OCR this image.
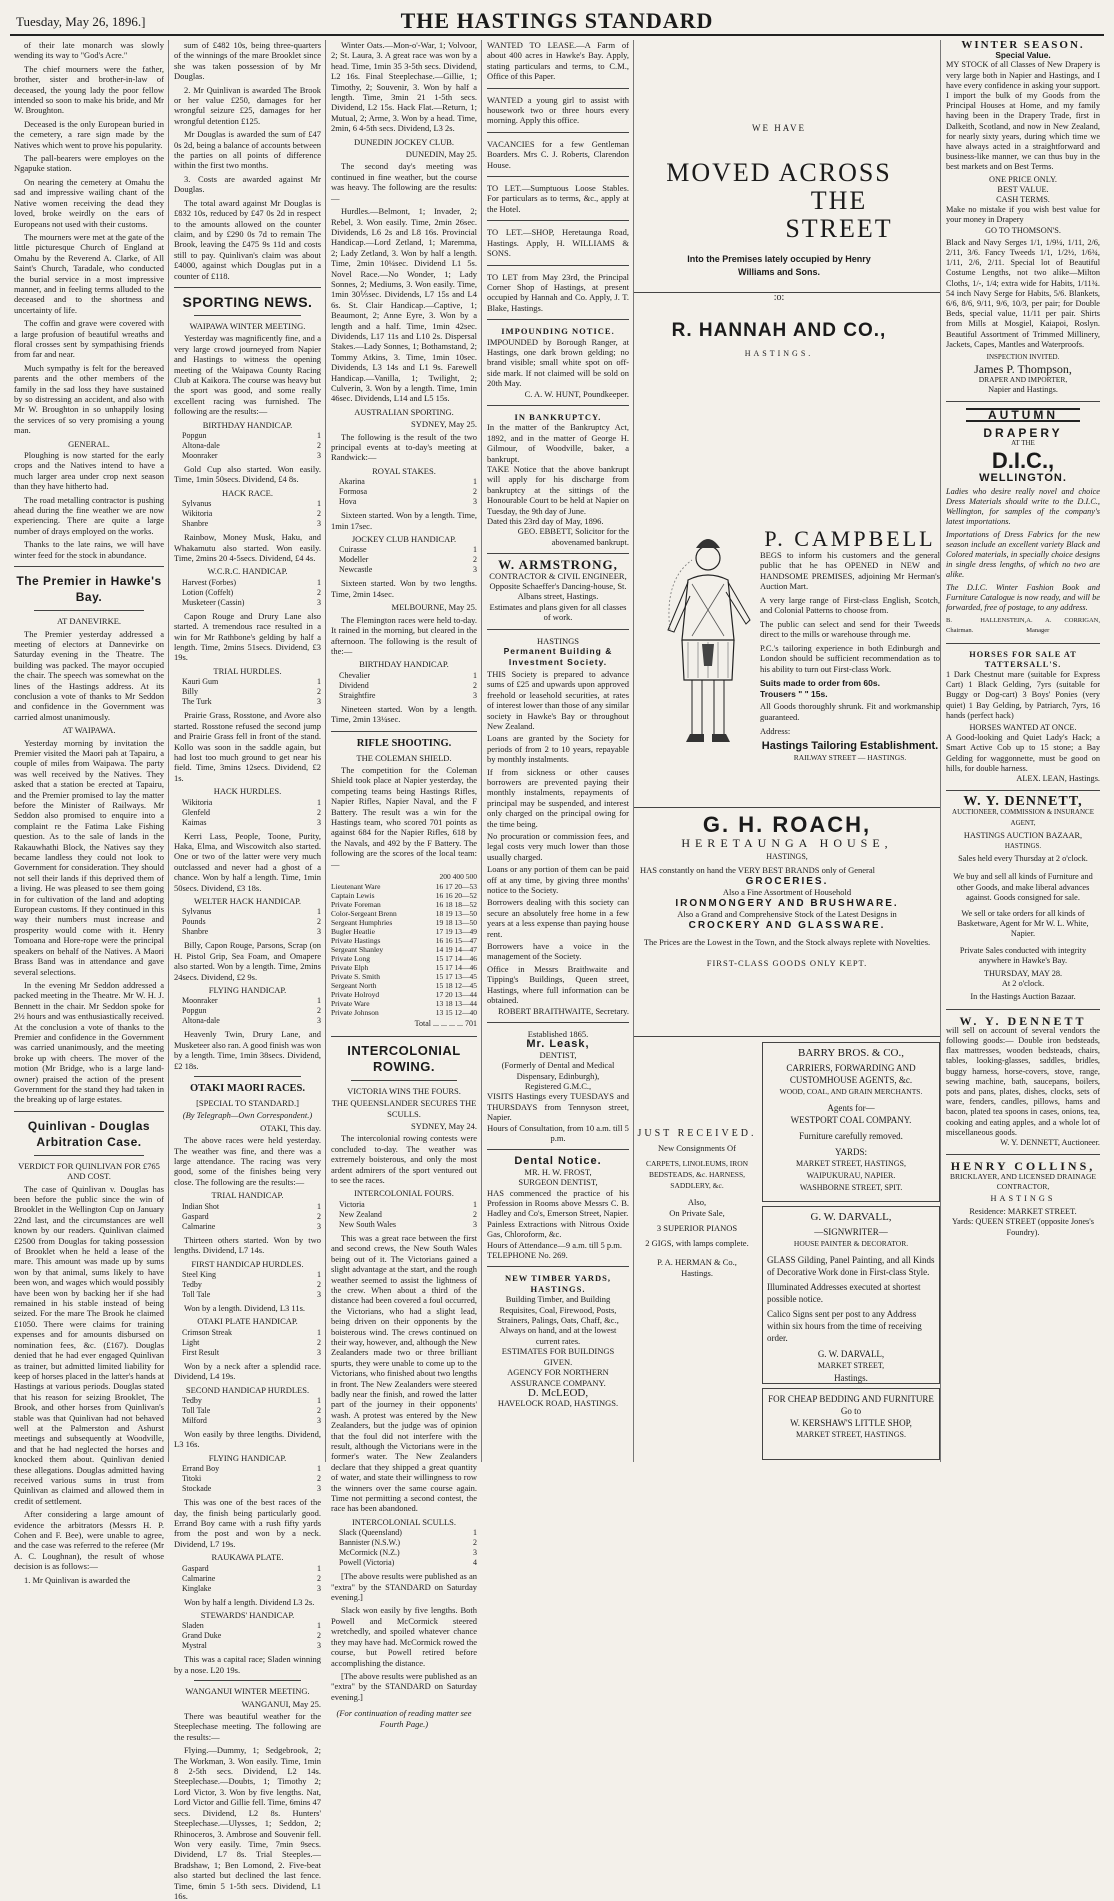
Tuesday, May 26, 1896.]	THE HASTINGS STANDARD

of their late monarch was slowly wending its way to "God's Acre."

The chief mourners were the father, brother, sister and brother-in-law of deceased, the young lady the poor fellow intended so soon to make his bride, and Mr W. Broughton.

Deceased is the only European buried in the cemetery, a rare sign made by the Natives which went to prove his popularity.

The pall-bearers were employes on the Ngapuke station.

On nearing the cemetery at Omahu the sad and impressive wailing chant of the Native women receiving the dead they loved, broke weirdly on the ears of Europeans not used with their customs.

The mourners were met at the gate of the little picturesque Church of England at Omahu by the Reverend A. Clarke, of All Saint's Church, Taradale, who conducted the burial service in a most impressive manner, and in feeling terms alluded to the deceased and to the shortness and uncertainty of life.

The coffin and grave were covered with a large profusion of beautiful wreaths and floral crosses sent by sympathising friends from far and near.

Much sympathy is felt for the bereaved parents and the other members of the family in the sad loss they have sustained by so distressing an accident, and also with Mr W. Broughton in so unhappily losing the services of so very promising a young man.

GENERAL.

Ploughing is now started for the early crops and the Natives intend to have a much larger area under crop next season than they have hitherto had.

The road metalling contractor is pushing ahead during the fine weather we are now experiencing. There are quite a large number of drays employed on the works.

Thanks to the late rains, we will have winter feed for the stock in abundance.

The Premier in Hawke's Bay.
AT DANEVIRKE.

The Premier yesterday addressed a meeting of electors at Dannevirke on Saturday evening in the Theatre. The building was packed. The mayor occupied the chair. The speech was somewhat on the lines of the Hastings address. At its conclusion a vote of thanks to Mr Seddon and confidence in the Government was carried almost unanimously.

AT WAIPAWA.

Yesterday morning by invitation the Premier visited the Maori pah at Tapairu, a couple of miles from Waipawa. The party was well received by the Natives. They asked that a station be erected at Tapairu, and the Premier promised to lay the matter before the Minister of Railways. Mr Seddon also promised to enquire into a complaint re the Fatima Lake Fishing question. As to the sale of lands in the Rakauwhathi Block, the Natives say they became landless they could not look to Government for consideration. They should not sell their lands if this deprived them of a living. He was pleased to see them going in for cultivation of the land and adopting European customs. If they continued in this way their numbers must increase and prosperity would come with it. Henry Tomoana and Hore-rope were the principal speakers on behalf of the Natives. A Maori Brass Band was in attendance and gave several selections.

In the evening Mr Seddon addressed a packed meeting in the Theatre. Mr W. H. J. Bennett in the chair. Mr Seddon spoke for 2½ hours and was enthusiastically received. At the conclusion a vote of thanks to the Premier and confidence in the Government was carried unanimously, and the meeting broke up with cheers. The mover of the motion (Mr Bridge, who is a large land-owner) praised the action of the present Government for the stand they had taken in the breaking up of large estates.

Quinlivan - Douglas Arbitration Case.
VERDICT FOR QUINLIVAN FOR £765 AND COST.

The case of Quinlivan v. Douglas has been before the public since the win of Brooklet in the Wellington Cup on January 22nd last, and the circumstances are well known by our readers. Quinlivan claimed £2500 from Douglas for taking possession of Brooklet when he held a lease of the mare. This amount was made up by sums won by that animal, sums likely to have been won, and wages which would possibly have been won by backing her if she had remained in his stable instead of being seized. For the mare The Brook he claimed £1050. There were claims for training expenses and for amounts disbursed on nomination fees, &c. (£167). Douglas denied that he had ever engaged Quinlivan as trainer, but admitted limited liability for keep of horses placed in the latter's hands at Hastings at various periods. Douglas stated that his reason for seizing Brooklet, The Brook, and other horses from Quinlivan's stable was that Quinlivan had not behaved well at the Palmerston and Ashurst meetings and subsequently at Woodville, and that he had neglected the horses and knocked them about. Quinlivan denied these allegations. Douglas admitted having received various sums in trust from Quinlivan as claimed and allowed them in credit of settlement.

After considering a large amount of evidence the arbitrators (Messrs H. P. Cohen and F. Bee), were unable to agree, and the case was referred to the referee (Mr A. C. Loughnan), the result of whose decision is as follows:—

1. Mr Quinlivan is awarded the

sum of £482 10s, being three-quarters of the winnings of the mare Brooklet since she was taken possession of by Mr Douglas.

2. Mr Quinlivan is awarded The Brook or her value £250, damages for her wrongful seizure £25, damages for her wrongful detention £125.

Mr Douglas is awarded the sum of £47 0s 2d, being a balance of accounts between the parties on all points of difference within the first two months.

3. Costs are awarded against Mr Douglas.

The total award against Mr Douglas is £832 10s, reduced by £47 0s 2d in respect to the amounts allowed on the counter claim, and by £290 0s 7d to remain The Brook, leaving the £475 9s 11d and costs still to pay. Quinlivan's claim was about £4000, against which Douglas put in a counter of £118.

SPORTING NEWS.
WAIPAWA WINTER MEETING.

Yesterday was magnificently fine, and a very large crowd journeyed from Napier and Hastings to witness the opening meeting of the Waipawa County Racing Club at Kaikora. The course was heavy but the sport was good, and some really excellent racing was furnished. The following are the results:—

BIRTHDAY HANDICAP.
Popgun	1
Altona-dale	2
Moonraker	3

Gold Cup also started. Won easily. Time, 1min 50secs. Dividend, £4 8s.

HACK RACE.
Sylvanus	1
Wikitoria	2
Shanbre	3

Rainbow, Money Musk, Haku, and Whakamutu also started. Won easily. Time, 2mins 20 4-5secs. Dividend, £4 4s.

W.C.R.C. HANDICAP.
Harvest (Forbes)	1
Lotion (Coffelt)	2
Musketeer (Cassin)	3

Capon Rouge and Drury Lane also started. A tremendous race resulted in a win for Mr Rathbone's gelding by half a length. Time, 2mins 51secs. Dividend, £3 19s.

TRIAL HURDLES.
Kauri Gum	1
Billy	2
The Turk	3

Prairie Grass, Rosstone, and Avore also started. Rosstone refused the second jump and Prairie Grass fell in front of the stand. Kollo was soon in the saddle again, but had lost too much ground to get near his field. Time, 3mins 12secs. Dividend, £2 1s.

HACK HURDLES.
Wikitoria	1
Glenfeld	2
Kaimas	3

Kerri Lass, People, Toone, Purity, Haka, Elma, and Wiscowitch also started. One or two of the latter were very much outclassed and never had a ghost of a chance. Won by half a length. Time, 1min 50secs. Dividend, £3 18s.

WELTER HACK HANDICAP.
Sylvanus	1
Pounds	2
Shanbre	3

Billy, Capon Rouge, Parsons, Scrap (on H. Pistol Grip, Sea Foam, and Omapere also started. Won by a length. Time, 2mins 24secs. Dividend, £2 9s.

FLYING HANDICAP.
Moonraker	1
Popgun	2
Altona-dale	3

Heavenly Twin, Drury Lane, and Musketeer also ran. A good finish was won by a length. Time, 1min 38secs. Dividend, £2 18s.

OTAKI MAORI RACES.
[SPECIAL TO STANDARD.]
(By Telegraph—Own Correspondent.)
OTAKI, This day.

The above races were held yesterday. The weather was fine, and there was a large attendance. The racing was very good, some of the finishes being very close. The following are the results:—

TRIAL HANDICAP.
Indian Shot	1
Gaspard	2
Calmarine	3

Thirteen others started. Won by two lengths. Dividend, L7 14s.

FIRST HANDICAP HURDLES.
Steel King	1
Tedby	2
Toll Tale	3

Won by a length. Dividend, L3 11s.

OTAKI PLATE HANDICAP.
Crimson Streak	1
Light	2
First Result	3

Won by a neck after a splendid race. Dividend, L4 19s.

SECOND HANDICAP HURDLES.
Tedby	1
Toll Tale	2
Milford	3

Won easily by three lengths. Dividend, L3 16s.

FLYING HANDICAP.
Errand Boy	1
Titoki	2
Stockade	3

This was one of the best races of the day, the finish being particularly good. Errand Boy came with a rush fifty yards from the post and won by a neck. Dividend, L7 19s.

RAUKAWA PLATE.
Gaspard	1
Calmarine	2
Kinglake	3

Won by half a length. Dividend L3 2s.

STEWARDS' HANDICAP.
Sladen	1
Grand Duke	2
Mystral	3

This was a capital race; Sladen winning by a nose. L20 19s.

WANGANUI WINTER MEETING.
WANGANUI, May 25.

There was beautiful weather for the Steeplechase meeting. The following are the results:—

Flying.—Dummy, 1; Sedgebrook, 2; The Workman, 3. Won easily. Time, 1min 8 2-5th secs. Dividend, L2 14s. Steeplechase.—Doubts, 1; Timothy 2; Lord Victor, 3. Won by five lengths. Nat, Lord Victor and Gillie fell. Time, 6mins 47 secs. Dividend, L2 8s. Hunters' Steeplechase.—Ulysses, 1; Seddon, 2; Rhinoceros, 3. Ambrose and Souvenir fell. Won very easily. Time, 7min 9secs. Dividend, L7 8s. Trial Steeples.—Bradshaw, 1; Ben Lomond, 2. Five-beat also started but declined the last fence. Time, 6min 5 1-5th secs. Dividend, L1 16s.

Winter Oats.—Mon-o'-War, 1; Volvoor, 2; St. Laura, 3. A great race was won by a head. Time, 1min 35 3-5th secs. Dividend, L2 16s. Final Steeplechase.—Gillie, 1; Timothy, 2; Souvenir, 3. Won by half a length. Time, 3min 21 1-5th secs. Dividend, L2 15s. Hack Flat.—Return, 1; Mutual, 2; Arme, 3. Won by a head. Time, 2min, 6 4-5th secs. Dividend, L3 2s.

DUNEDIN JOCKEY CLUB.
DUNEDIN, May 25.

The second day's meeting was continued in fine weather, but the course was heavy. The following are the results:—

Hurdles.—Belmont, 1; Invader, 2; Rebel, 3. Won easily. Time, 2min 26sec. Dividends, L6 2s and L8 16s. Provincial Handicap.—Lord Zetland, 1; Maremma, 2; Lady Zetland, 3. Won by half a length. Time, 2min 10¼sec. Dividend L1 5s. Novel Race.—No Wonder, 1; Lady Sonnes, 2; Mediums, 3. Won easily. Time, 1min 30⅕sec. Dividends, L7 15s and L4 6s. St. Clair Handicap.—Captive, 1; Beaumont, 2; Anne Eyre, 3. Won by a length and a half. Time, 1min 42sec. Dividends, L17 11s and L10 2s. Dispersal Stakes.—Lady Sonnes, 1; Bothamstand, 2; Tommy Atkins, 3. Time, 1min 10sec. Dividends, L3 14s and L1 9s. Farewell Handicap.—Vanilla, 1; Twilight, 2; Culverin, 3. Won by a length. Time, 1min 46sec. Dividends, L14 and L5 15s.

AUSTRALIAN SPORTING.
SYDNEY, May 25.

The following is the result of the two principal events at to-day's meeting at Randwick:—

ROYAL STAKES.
Akarina	1
Formosa	2
Hova	3

Sixteen started. Won by a length. Time, 1min 17sec.

JOCKEY CLUB HANDICAP.
Cuirasse	1
Modeller	2
Newcastle	3

Sixteen started. Won by two lengths. Time, 2min 14sec.

MELBOURNE, May 25.

The Flemington races were held to-day. It rained in the morning, but cleared in the afternoon. The following is the result of the:—

BIRTHDAY HANDICAP.
Chevalier	1
Dividend	2
Straightfire	3

Nineteen started. Won by a length. Time, 2min 13¼sec.

RIFLE SHOOTING.
THE COLEMAN SHIELD.

The competition for the Coleman Shield took place at Napier yesterday, the competing teams being Hastings Rifles, Napier Rifles, Napier Naval, and the F Battery. The result was a win for the Hastings team, who scored 701 points as against 684 for the Napier Rifles, 618 by the Navals, and 492 by the F Battery. The following are the scores of the local team:—

200 400 500
Lieutenant Ware	16 17 20—53
Captain Lewis	16 16 20—52
Private Foreman	16 18 18—52
Color-Sergeant Brenn	18 19 13—50
Sergeant Humphries	19 18 13—50
Bugler Heatlie	17 19 13—49
Private Hastings	16 16 15—47
Sergeant Shanley	14 19 14—47
Private Long	15 17 14—46
Private Elph	15 17 14—46
Private S. Smith	15 17 13—45
Sergeant North	15 18 12—45
Private Holroyd	17 20 13—44
Private Ware	13 18 13—44
Private Johnson	13 15 12—40
Total ... ... ... ... 701
INTERCOLONIAL ROWING.
VICTORIA WINS THE FOURS.
THE QUEENSLANDER SECURES THE SCULLS.
SYDNEY, May 24.

The intercolonial rowing contests were concluded to-day. The weather was extremely boisterous, and only the most ardent admirers of the sport ventured out to see the races.

INTERCOLONIAL FOURS.
Victoria	1
New Zealand	2
New South Wales	3

This was a great race between the first and second crews, the New South Wales being out of it. The Victorians gained a slight advantage at the start, and the rough weather seemed to assist the lightness of the crew. When about a third of the distance had been covered a foul occurred, the Victorians, who had a slight lead, being driven on their opponents by the boisterous wind. The crews continued on their way, however, and, although the New Zealanders made two or three brilliant spurts, they were unable to come up to the Victorians, who finished about two lengths in front. The New Zealanders were steered badly near the finish, and rowed the latter part of the journey in their opponents' wash. A protest was entered by the New Zealanders, but the judge was of opinion that the foul did not interfere with the result, although the Victorians were in the former's water. The New Zealanders declare that they shipped a great quantity of water, and state their willingness to row the winners over the same course again. Time not permitting a second contest, the race has been abandoned.

INTERCOLONIAL SCULLS.
Slack (Queensland)	1
Bannister (N.S.W.)	2
McCormick (N.Z.)	3
Powell (Victoria)	4

[The above results were published as an "extra" by the STANDARD on Saturday evening.]

Slack won easily by five lengths. Both Powell and McCormick steered wretchedly, and spoiled whatever chance they may have had. McCormick rowed the course, but Powell retired before accomplishing the distance.

[The above results were published as an "extra" by the STANDARD on Saturday evening.]

(For continuation of reading matter see Fourth Page.)
WANTED TO LEASE.—A Farm of about 400 acres in Hawke's Bay. Apply, stating particulars and terms, to C.M., Office of this Paper.
WANTED a young girl to assist with housework two or three hours every morning. Apply this office.
VACANCIES for a few Gentleman Boarders. Mrs C. J. Roberts, Clarendon House.
TO LET.—Sumptuous Loose Stables. For particulars as to terms, &c., apply at the Hotel.
TO LET.—SHOP, Heretaunga Road, Hastings. Apply, H. WILLIAMS & SONS.
TO LET from May 23rd, the Principal Corner Shop of Hastings, at present occupied by Hannah and Co. Apply, J. T. Blake, Hastings.
IMPOUNDING NOTICE.
IMPOUNDED by Borough Ranger, at Hastings, one dark brown gelding; no brand visible; small white spot on off-side mark. If not claimed will be sold on 20th May.
C. A. W. HUNT, Poundkeeper.
IN BANKRUPTCY.
In the matter of the Bankruptcy Act, 1892, and in the matter of George H. Gilmour, of Woodville, baker, a bankrupt.
TAKE Notice that the above bankrupt will apply for his discharge from bankruptcy at the sittings of the Honourable Court to be held at Napier on Tuesday, the 9th day of June.
Dated this 23rd day of May, 1896.
GEO. EBBETT, Solicitor for the abovenamed bankrupt.
W. ARMSTRONG,
CONTRACTOR & CIVIL ENGINEER,
Opposite Schaeffer's Dancing-house, St. Albans street, Hastings.
Estimates and plans given for all classes of work.
HASTINGS
Permanent Building & Investment Society.
THIS Society is prepared to advance sums of £25 and upwards upon approved freehold or leasehold securities, at rates of interest lower than those of any similar society in Hawke's Bay or throughout New Zealand.
Loans are granted by the Society for periods of from 2 to 10 years, repayable by monthly instalments.
If from sickness or other causes borrowers are prevented paying their monthly instalments, repayments of principal may be suspended, and interest only charged on the principal owing for the time being.
No procuration or commission fees, and legal costs very much lower than those usually charged.
Loans or any portion of them can be paid off at any time, by giving three months' notice to the Society.
Borrowers dealing with this society can secure an absolutely free home in a few years at a less expense than paying house rent.
Borrowers have a voice in the management of the Society.
Office in Messrs Braithwaite and Tipping's Buildings, Queen street, Hastings, where full information can be obtained.
ROBERT BRAITHWAITE, Secretary.
Established 1865.
Mr. Leask,
DENTIST,
(Formerly of Dental and Medical Dispensary, Edinburgh),
Registered G.M.C.,
VISITS Hastings every TUESDAYS and THURSDAYS from Tennyson street, Napier.
Hours of Consultation, from 10 a.m. till 5 p.m.
Dental Notice.
MR. H. W. FROST,
SURGEON DENTIST,
HAS commenced the practice of his Profession in Rooms above Messrs C. B. Hadley and Co's, Emerson Street, Napier.
Painless Extractions with Nitrous Oxide Gas, Chloroform, &c.
Hours of Attendance—9 a.m. till 5 p.m.
TELEPHONE No. 269.
NEW TIMBER YARDS, HASTINGS.
Building Timber, and Building Requisites, Coal, Firewood, Posts, Strainers, Palings, Oats, Chaff, &c.,
Always on hand, and at the lowest current rates.
ESTIMATES FOR BUILDINGS GIVEN.
AGENCY FOR NORTHERN ASSURANCE COMPANY.
D. McLEOD,
HAVELOCK ROAD, HASTINGS.
WE HAVE
MOVED ACROSS
THE STREET
Into the Premises lately occupied by Henry
Williams and Sons.
:o:
R. HANNAH AND CO.,
HASTINGS.
P. CAMPBELL

BEGS to inform his customers and the general public that he has OPENED in NEW and HANDSOME PREMISES, adjoining Mr Herman's Auction Mart.

A very large range of First-class English, Scotch, and Colonial Patterns to choose from.

The public can select and send for their Tweeds direct to the mills or warehouse through me.

P.C.'s tailoring experience in both Edinburgh and London should be sufficient recommendation as to his ability to turn out First-class Work.

Suits made to order from 60s.
Trousers " " 15s.
All Goods thoroughly shrunk. Fit and workmanship guaranteed.
Address:
Hastings Tailoring Establishment.
RAILWAY STREET — HASTINGS.
G. H. ROACH,
HERETAUNGA HOUSE,
HASTINGS,
HAS constantly on hand the VERY BEST BRANDS only of General
GROCERIES.
Also a Fine Assortment of Household
IRONMONGERY AND BRUSHWARE.
Also a Grand and Comprehensive Stock of the Latest Designs in
CROCKERY AND GLASSWARE.
The Prices are the Lowest in the Town, and the Stock always replete with Novelties.
FIRST-CLASS GOODS ONLY KEPT.
JUST RECEIVED.
New Consignments Of
CARPETS, LINOLEUMS, IRON BEDSTEADS, &c. HARNESS, SADDLERY, &c.
Also,
On Private Sale,
3 SUPERIOR PIANOS
2 GIGS, with lamps complete.
P. A. HERMAN & Co.,
Hastings.
BARRY BROS. & CO.,
CARRIERS, FORWARDING AND CUSTOMHOUSE AGENTS, &c.
WOOD, COAL, AND GRAIN MERCHANTS.
Agents for—
WESTPORT COAL COMPANY.
Furniture carefully removed.
YARDS:
MARKET STREET, HASTINGS,
WAIPUKURAU, NAPIER.
WASHBORNE STREET, SPIT.
G. W. DARVALL,
—SIGNWRITER—
HOUSE PAINTER & DECORATOR.
GLASS Gilding, Panel Painting, and all Kinds of Decorative Work done in First-class Style.
Illuminated Addresses executed at shortest possible notice.
Calico Signs sent per post to any Address within six hours from the time of receiving order.
G. W. DARVALL,
MARKET STREET,
Hastings.
FOR CHEAP BEDDING AND FURNITURE
Go to
W. KERSHAW'S LITTLE SHOP,
MARKET STREET, HASTINGS.
WINTER SEASON.
Special Value.
MY STOCK of all Classes of New Drapery is very large both in Napier and Hastings, and I have every confidence in asking your support. I import the bulk of my Goods from the Principal Houses at Home, and my family having been in the Drapery Trade, first in Dalkeith, Scotland, and now in New Zealand, for nearly sixty years, during which time we have always acted in a straightforward and business-like manner, we can thus buy in the best markets and on Best Terms.
ONE PRICE ONLY.
BEST VALUE.
CASH TERMS.
Make no mistake if you wish best value for your money in Drapery
GO TO THOMSON'S.
Black and Navy Serges 1/1, 1/9¼, 1/11, 2/6, 2/11, 3/6. Fancy Tweeds 1/1, 1/2½, 1/6¾, 1/11, 2/6, 2/11. Special lot of Beautiful Costume Lengths, not two alike—Milton Cloths, 1/-, 1/4; extra wide for Habits, 1/11¾. 54 inch Navy Serge for Habits, 5/6. Blankets, 6/6, 8/6, 9/11, 9/6, 10/3, per pair; for Double Beds, special value, 11/11 per pair. Shirts from Mills at Mosgiel, Kaiapoi, Roslyn. Beautiful Assortment of Trimmed Millinery, Jackets, Capes, Mantles and Waterproofs.
INSPECTION INVITED.
James P. Thompson,
DRAPER AND IMPORTER,
Napier and Hastings.
AUTUMN
DRAPERY
AT THE
D.I.C.,
WELLINGTON.
Ladies who desire really novel and choice Dress Materials should write to the D.I.C., Wellington, for samples of the company's latest importations.
Importations of Dress Fabrics for the new season include an excellent variety Black and Colored materials, in specially choice designs in single dress lengths, of which no two are alike.
The D.I.C. Winter Fashion Book and Furniture Catalogue is now ready, and will be forwarded, free of postage, to any address.
B. HALLENSTEIN, Chairman.
A. A. CORRIGAN, Manager
HORSES FOR SALE AT TATTERSALL'S.
1 Dark Chestnut mare (suitable for Express Cart) 1 Black Gelding, 7yrs (suitable for Buggy or Dog-cart) 3 Boys' Ponies (very quiet) 1 Bay Gelding, by Patriarch, 7yrs, 16 hands (perfect hack)
HORSES WANTED AT ONCE.
A Good-looking and Quiet Lady's Hack; a Smart Active Cob up to 15 stone; a Bay Gelding for waggonnette, must be good on hills, for double harness.
ALEX. LEAN, Hastings.
W. Y. DENNETT,
AUCTIONEER, COMMISSION & INSURANCE AGENT,
HASTINGS AUCTION BAZAAR,
HASTINGS.
Sales held every Thursday at 2 o'clock.
We buy and sell all kinds of Furniture and other Goods, and make liberal advances against. Goods consigned for sale.
We sell or take orders for all kinds of Basketware, Agent for Mr W. L. White, Napier.
Private Sales conducted with integrity anywhere in Hawke's Bay.
THURSDAY, MAY 28.
At 2 o'clock.
In the Hastings Auction Bazaar.
W. Y. DENNETT
will sell on account of several vendors the following goods:— Double iron bedsteads, flax mattresses, wooden bedsteads, chairs, tables, looking-glasses, saddles, bridles, buggy harness, horse-covers, stove, range, sewing machine, bath, saucepans, boilers, pots and pans, plates, dishes, clocks, sets of ware, fenders, candles, pillows, hams and bacon, plated tea spoons in cases, onions, tea, cooking and eating apples, and a whole lot of miscellaneous goods.
W. Y. DENNETT, Auctioneer.
HENRY COLLINS,
BRICKLAYER, AND LICENSED DRAINAGE CONTRACTOR,
HASTINGS
Residence: MARKET STREET.
Yards: QUEEN STREET (opposite Jones's Foundry).
